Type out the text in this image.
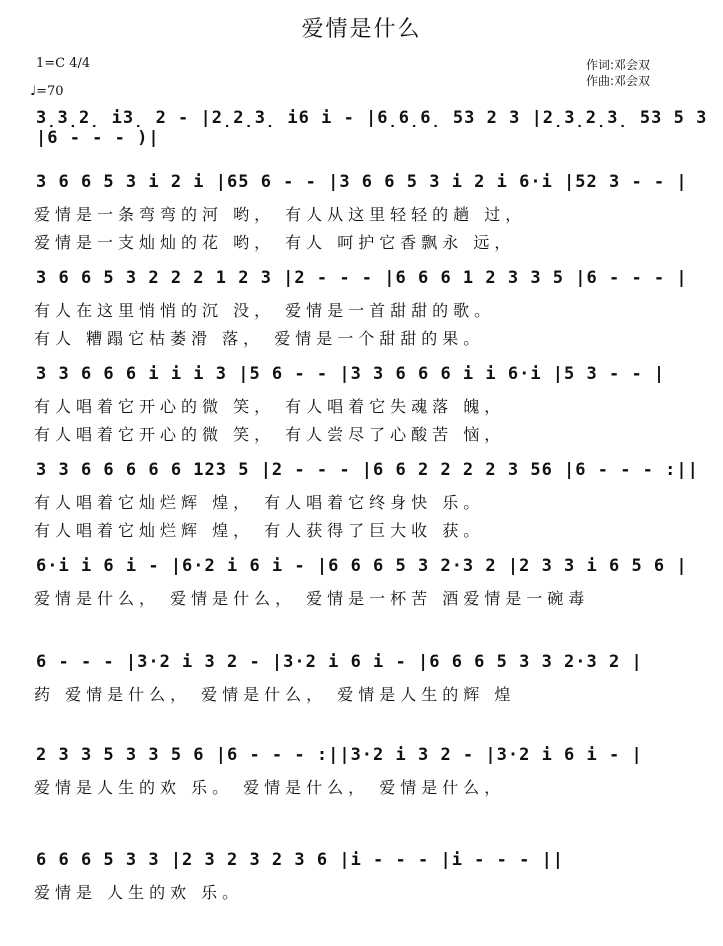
爱情是什么
1=C 4/4
♩=70
作词:邓会双
作曲:邓会双
3̣3̣2̣ i3̣ 2 - |2̣2̣3̣ i6 i - |6̣6̣6̣ 53 2 3 |2̣3̣2̣3̣ 53 5 3 |6 - - - )|
3 6 6 5 3 i 2 i |65 6 - - |3 6 6 5 3 i 2 i 6·i |52 3 - - |
爱情是一条弯弯的河 哟， 有人从这里轻轻的趟 过，
爱情是一支灿灿的花 哟， 有人 呵护它香飘永 远，
3 6 6 5 3 2 2 2 1 2 3 |2 - - - |6 6 6 1 2 3 3 5 |6 - - - |
有人在这里悄悄的沉 没， 爱情是一首甜甜的歌。
有人 糟蹋它枯萎滑 落， 爱情是一个甜甜的果。
3 3 6 6 6 i i i 3 |5 6 - - |3 3 6 6 6 i i 6·i |5 3 - - |
有人唱着它开心的微 笑， 有人唱着它失魂落 魄，
有人唱着它开心的微 笑， 有人尝尽了心酸苦 恼，
3 3 6 6 6 6 6 123 5 |2 - - - |6 6 2 2 2 2 3 56 |6 - - - :||
有人唱着它灿烂辉 煌， 有人唱着它终身快 乐。
有人唱着它灿烂辉 煌， 有人获得了巨大收 获。
6·i i 6 i - |6·2 i 6 i - |6 6 6 5 3 2·3 2 |2 3 3 i 6 5 6 |
爱情是什么， 爱情是什么， 爱情是一杯苦 酒爱情是一碗毒
6 - - - |3·2 i 3 2 - |3·2 i 6 i - |6 6 6 5 3 3 2·3 2 |
药 爱情是什么， 爱情是什么， 爱情是人生的辉 煌
2 3 3 5 3 3 5 6 |6 - - - :||3·2 i 3 2 - |3·2 i 6 i - |
爱情是人生的欢 乐。 爱情是什么， 爱情是什么，
6 6 6 5 3 3 |2 3 2 3 2 3 6 |i - - - |i - - - ||
爱情是 人生的欢 乐。
